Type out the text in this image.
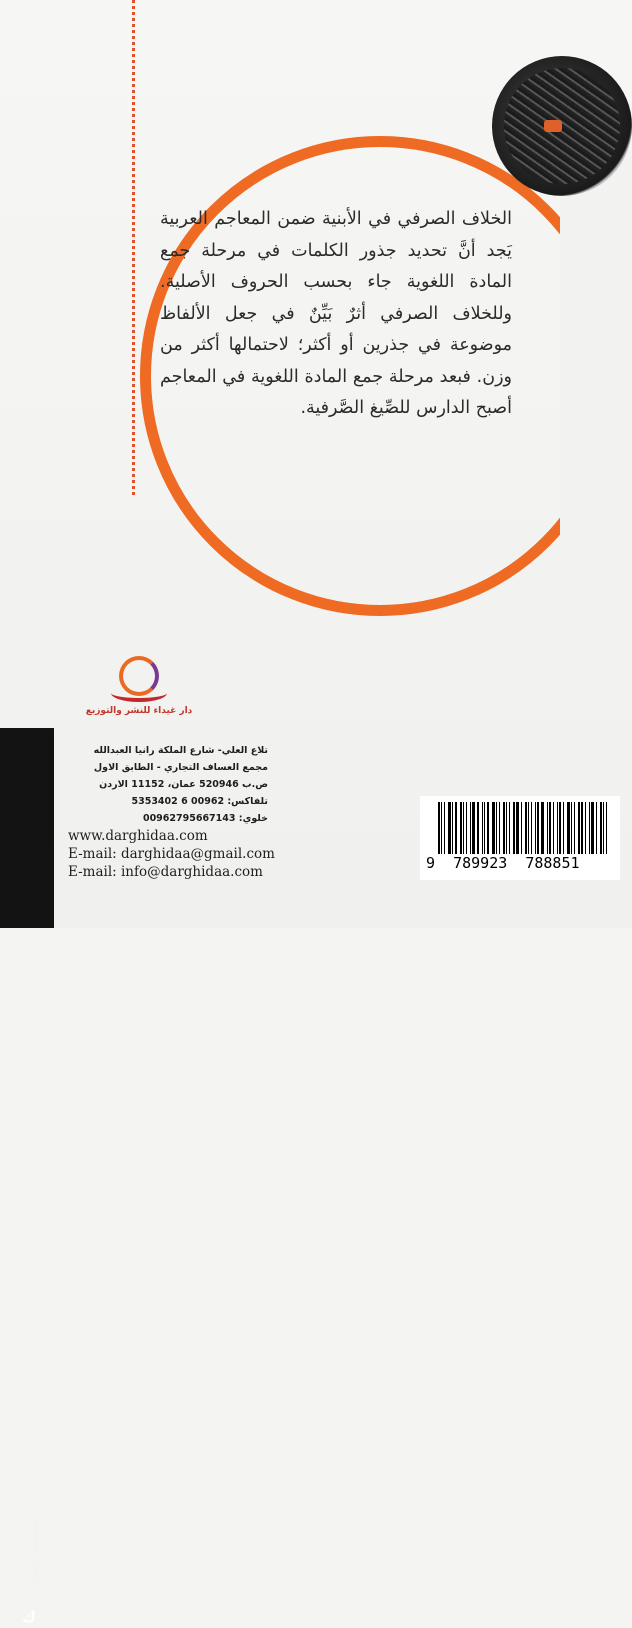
الخلاف الصرفي في الأبنية ضمن المعاجم العربية يَجد أنَّ تحديد جذور الكلمات في مرحلة جمع المادة اللغوية جاء بحسب الحروف الأصلية. وللخلاف الصرفي أثرٌ بَيِّنٌ في جعل الألفاظ موضوعة في جذرين أو أكثر؛ لاحتمالها أكثر من وزن. فبعد مرحلة جمع المادة اللغوية في المعاجم أصبح الدارس للصِّيغ الصَّرفية.

دار غيداء للنشر والتوزيع
تصميم الغلاف
ﻙ
تلاع العلي- شارع الملكة رانيا العبدالله
مجمع العساف التجاري - الطابق الاول
ص.ب 520946 عمان، 11152 الاردن
تلفاكس: 00962 6 5353402
خلوي: 00962795667143
www.darghidaa.com
E-mail: darghidaa@gmail.com
E-mail: info@darghidaa.com	9  789923  788851
